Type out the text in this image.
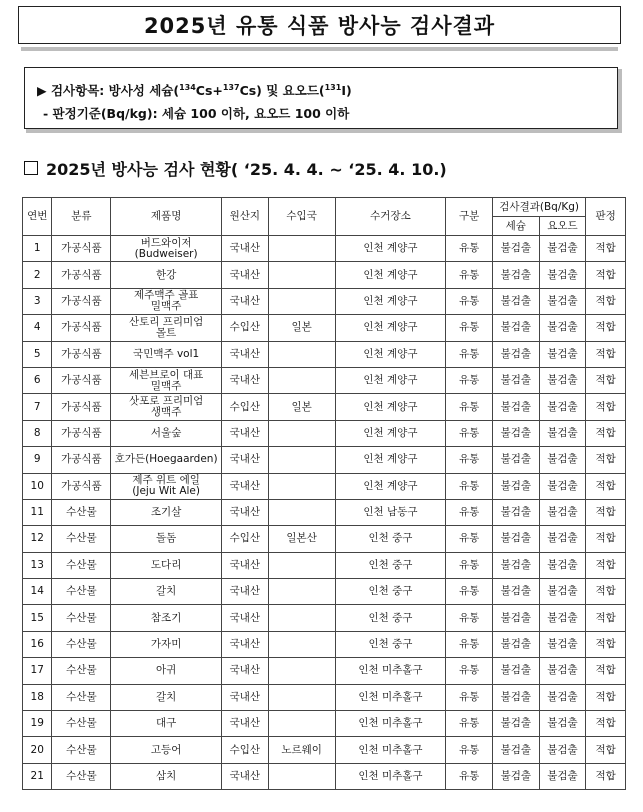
2025년 유통 식품 방사능 검사결과
▶ 검사항목: 방사성 세슘($^{134}$Cs+$^{137}$Cs) 및 요오드($^{131}$I)
- 판정기준(Bq/kg): 세슘 100 이하, 요오드 100 이하
2025년 방사능 검사 현황( ‘25. 4. 4. ~ ‘25. 4. 10.)
연번	분류	제품명	원산지	수입국	수거장소	구분	검사결과(Bq/Kg)		판정
							세슘	요오드	
1	가공식품	버드와이저
(Budweiser)	국내산		인천 계양구	유통	불검출	불검출	적합
2	가공식품	한강	국내산		인천 계양구	유통	불검출	불검출	적합
3	가공식품	제주맥주 골표
밀맥주	국내산		인천 계양구	유통	불검출	불검출	적합
4	가공식품	산토리 프리미엄
몰트	수입산	일본	인천 계양구	유통	불검출	불검출	적합
5	가공식품	국민맥주 vol1	국내산		인천 계양구	유통	불검출	불검출	적합
6	가공식품	세븐브로이 대표
밀맥주	국내산		인천 계양구	유통	불검출	불검출	적합
7	가공식품	삿포로 프리미엄
생맥주	수입산	일본	인천 계양구	유통	불검출	불검출	적합
8	가공식품	서울숲	국내산		인천 계양구	유통	불검출	불검출	적합
9	가공식품	호가든(Hoegaarden)	국내산		인천 계양구	유통	불검출	불검출	적합
10	가공식품	제주 위트 에일
(Jeju Wit Ale)	국내산		인천 계양구	유통	불검출	불검출	적합
11	수산물	조기살	국내산		인천 남동구	유통	불검출	불검출	적합
12	수산물	돌돔	수입산	일본산	인천 중구	유통	불검출	불검출	적합
13	수산물	도다리	국내산		인천 중구	유통	불검출	불검출	적합
14	수산물	갈치	국내산		인천 중구	유통	불검출	불검출	적합
15	수산물	참조기	국내산		인천 중구	유통	불검출	불검출	적합
16	수산물	가자미	국내산		인천 중구	유통	불검출	불검출	적합
17	수산물	아귀	국내산		인천 미추홀구	유통	불검출	불검출	적합
18	수산물	갈치	국내산		인천 미추홀구	유통	불검출	불검출	적합
19	수산물	대구	국내산		인천 미추홀구	유통	불검출	불검출	적합
20	수산물	고등어	수입산	노르웨이	인천 미추홀구	유통	불검출	불검출	적합
21	수산물	삼치	국내산		인천 미추홀구	유통	불검출	불검출	적합
